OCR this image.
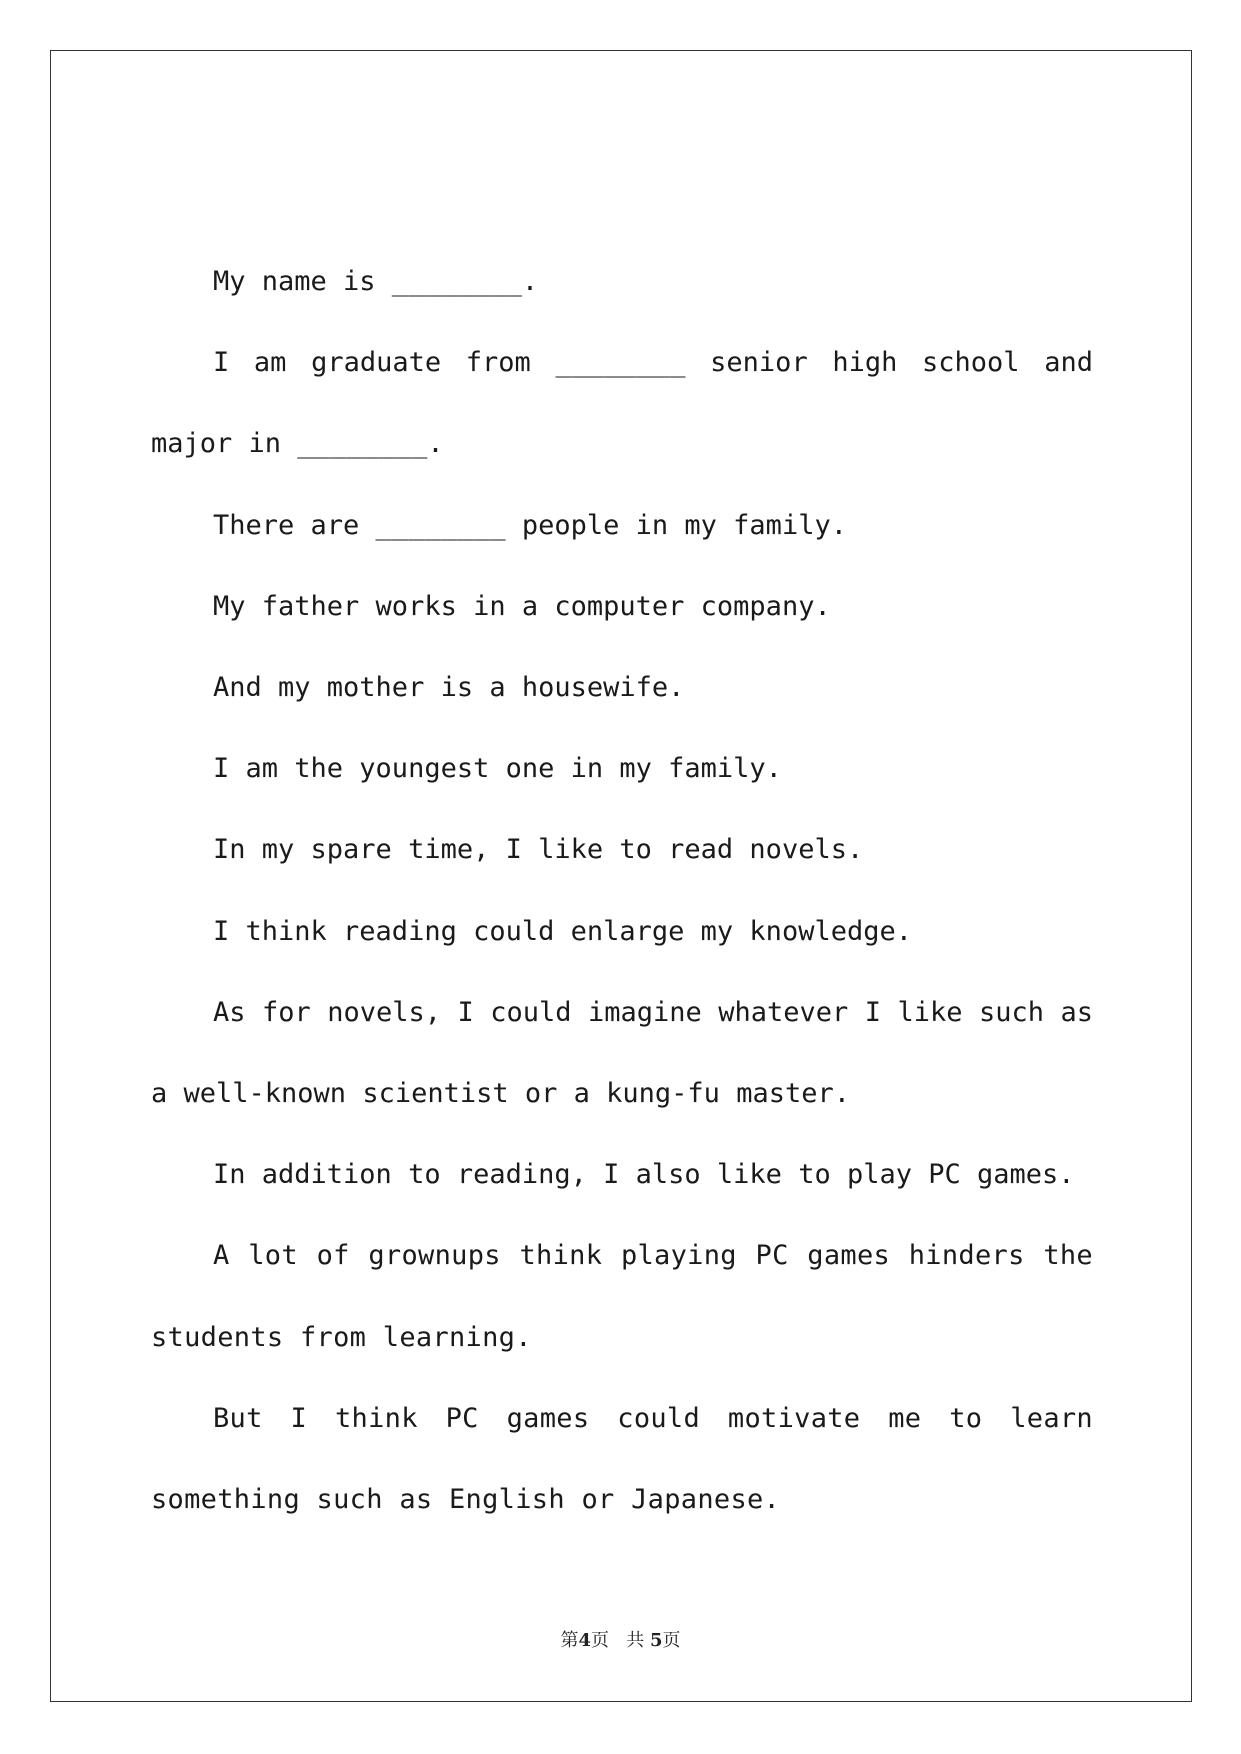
My name is ________.

I am graduate from ________ senior high school and major in ________.

There are ________ people in my family.

My father works in a computer company.

And my mother is a housewife.

I am the youngest one in my family.

In my spare time, I like to read novels.

I think reading could enlarge my knowledge.

As for novels, I could imagine whatever I like such as a well-known scientist or a kung-fu master.

In addition to reading, I also like to play PC games.

A lot of grownups think playing PC games hinders the students from learning.

But I think PC games could motivate me to learn something such as English or Japanese.

第4页 共 5页
